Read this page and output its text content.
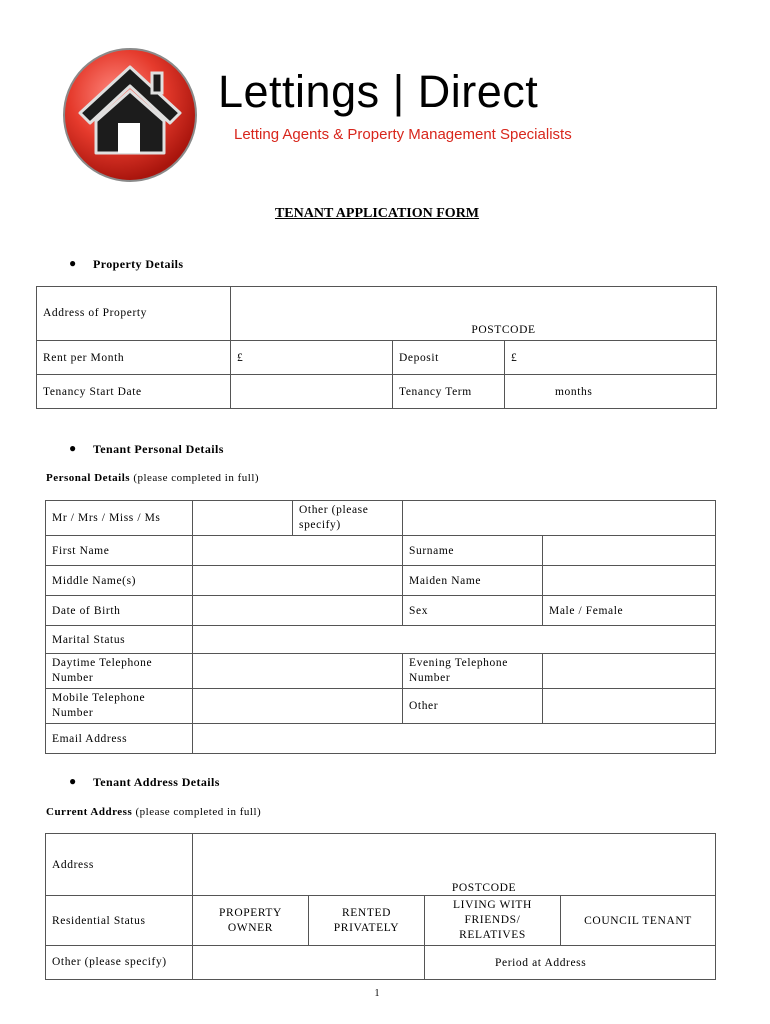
Lettings | Direct
Letting Agents & Property Management Specialists
TENANT APPLICATION FORM
● Property Details
Address of Property	POSTCODE		

Rent per Month	£	Deposit	£
Tenancy Start Date		Tenancy Term	months
● Tenant Personal Details
Personal Details (please completed in full)
Mr / Mrs / Miss / Ms		Other (please specify)		
First Name			Surname	
Middle Name(s)			Maiden Name	
Date of Birth			Sex	Male / Female
Marital Status				
Daytime Telephone Number			Evening Telephone Number	
Mobile Telephone Number			Other	
Email Address				
● Tenant Address Details
Current Address (please completed in full)
Address	POSTCODE			

Residential Status	PROPERTY OWNER	RENTED PRIVATELY	LIVING WITH FRIENDS/ RELATIVES	COUNCIL TENANT
Other (please specify)			Period at Address	
1
